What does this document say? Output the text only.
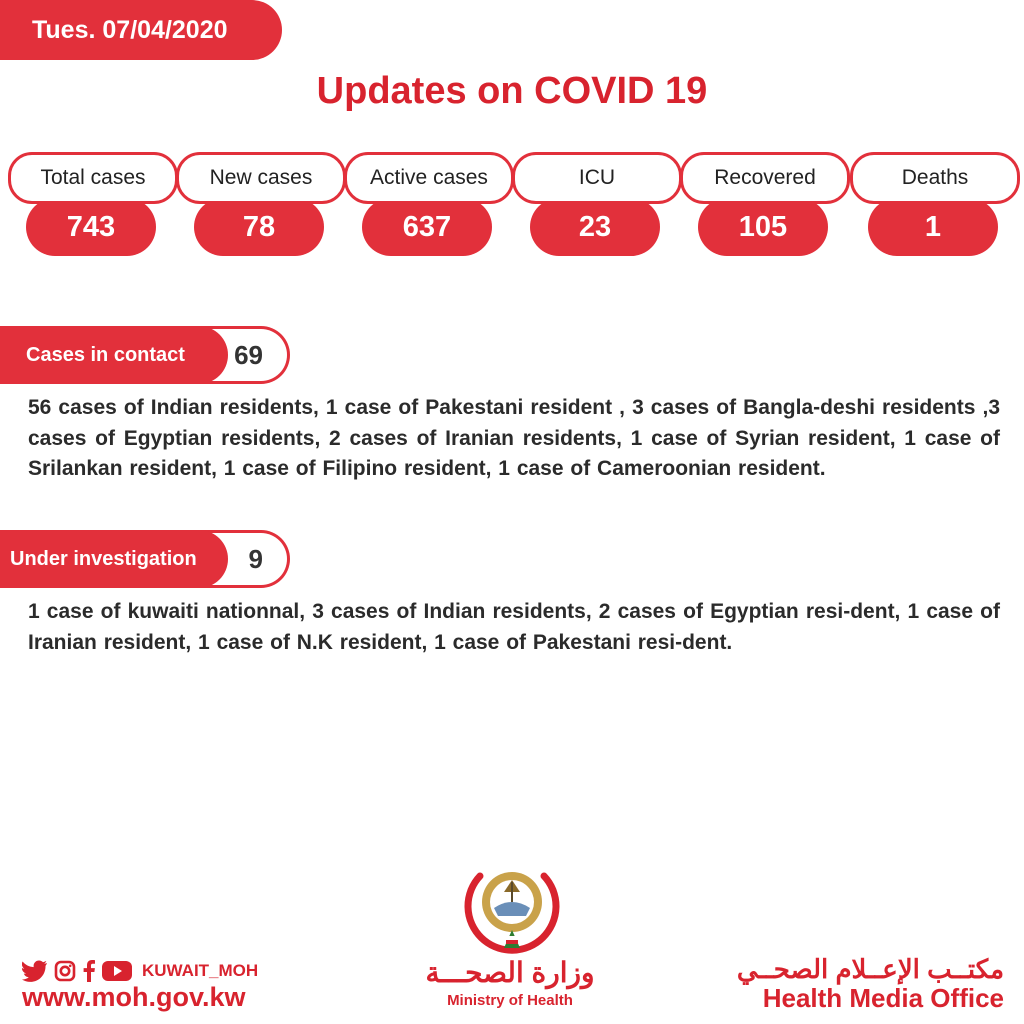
Tues. 07/04/2020
Updates on COVID 19
Total cases
743
New cases
78
Active cases
637
ICU
23
Recovered
105
Deaths
1
69
Cases in contact
56 cases of Indian residents, 1 case of Pakestani resident , 3 cases of Bangla-deshi residents ,3 cases of Egyptian residents, 2 cases of Iranian residents, 1 case of Syrian resident, 1 case of Srilankan resident, 1 case of Filipino resident, 1 case of Cameroonian resident.
9
Under investigation
1 case of kuwaiti nationnal, 3 cases of Indian residents, 2 cases of Egyptian resi-dent, 1 case of Iranian resident, 1 case of N.K resident, 1 case of Pakestani resi-dent.
KUWAIT_MOH
www.moh.gov.kw
وزارة الصحـــة
Ministry of Health
مكتــب الإعــلام الصحــي
Health Media Office
